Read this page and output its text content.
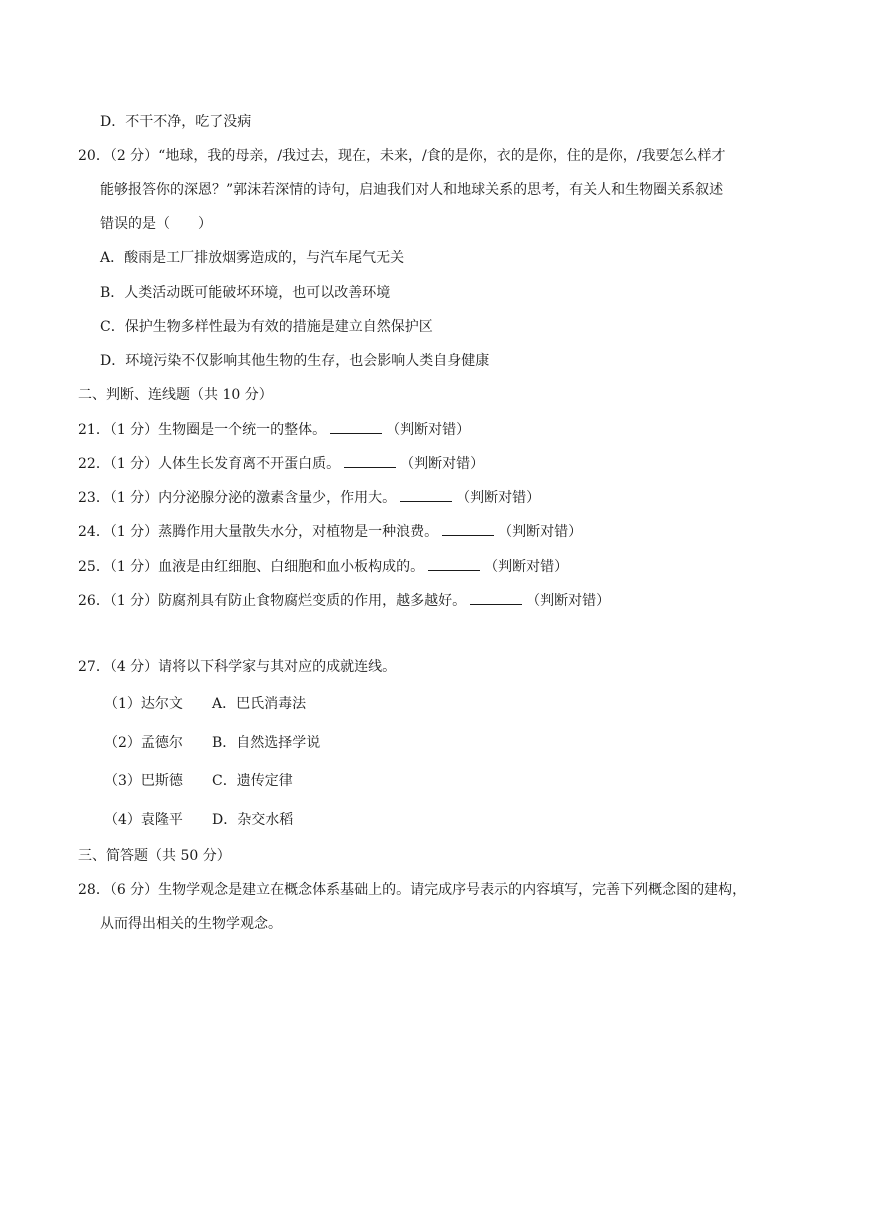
D．不干不净，吃了没病
20．（2 分）“地球，我的母亲，/我过去，现在，未来，/食的是你，衣的是你，住的是你，/我要怎么样才
能够报答你的深恩？”郭沫若深情的诗句，启迪我们对人和地球关系的思考，有关人和生物圈关系叙述
错误的是（　　）
A．酸雨是工厂排放烟雾造成的，与汽车尾气无关
B．人类活动既可能破坏环境，也可以改善环境
C．保护生物多样性最为有效的措施是建立自然保护区
D．环境污染不仅影响其他生物的生存，也会影响人类自身健康
二、判断、连线题（共 10 分）
21．（1 分）生物圈是一个统一的整体。	（判断对错）
22．（1 分）人体生长发育离不开蛋白质。	（判断对错）
23．（1 分）内分泌腺分泌的激素含量少，作用大。	（判断对错）
24．（1 分）蒸腾作用大量散失水分，对植物是一种浪费。	（判断对错）
25．（1 分）血液是由红细胞、白细胞和血小板构成的。	（判断对错）
26．（1 分）防腐剂具有防止食物腐烂变质的作用，越多越好。	（判断对错）
27．（4 分）请将以下科学家与其对应的成就连线。
（1）达尔文 A．巴氏消毒法
（2）孟德尔 B．自然选择学说
（3）巴斯德 C．遗传定律
（4）袁隆平 D．杂交水稻
三、简答题（共 50 分）
28．（6 分）生物学观念是建立在概念体系基础上的。请完成序号表示的内容填写，完善下列概念图的建构，
从而得出相关的生物学观念。
